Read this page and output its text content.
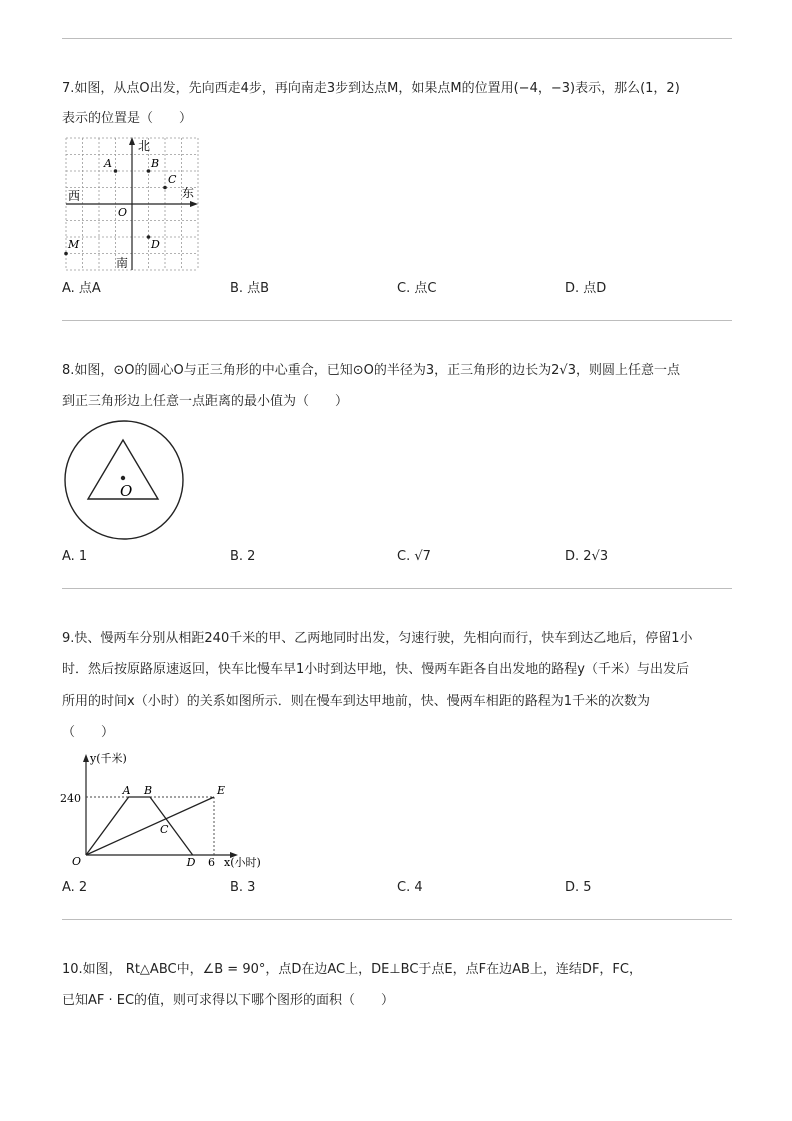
7.如图，从点O出发，先向西走4步，再向南走3步到达点M，如果点M的位置用(−4，−3)表示，那么(1，2)
表示的位置是（　　）
北
南
东
西
A	B
C
D
O
M
A. 点A	B. 点B	C. 点C	D. 点D
8.如图，⊙O的圆心O与正三角形的中心重合，已知⊙O的半径为3，正三角形的边长为2√3，则圆上任意一点
到正三角形边上任意一点距离的最小值为（　　）
O
A. 1	B. 2	C. √7	D. 2√3
9.快、慢两车分别从相距240千米的甲、乙两地同时出发，匀速行驶，先相向而行，快车到达乙地后，停留1小
时．然后按原路原速返回，快车比慢车早1小时到达甲地，快、慢两车距各自出发地的路程y（千米）与出发后
所用的时间x（小时）的关系如图所示．则在慢车到达甲地前，快、慢两车相距的路程为1千米的次数为
（　　）
y(千米)
x(小时)
240
O	6
A B
D
E
C
A. 2	B. 3	C. 4	D. 5
10.如图， Rt△ABC中，∠B = 90°，点D在边AC上，DE⊥BC于点E，点F在边AB上，连结DF，FC，
已知AF · EC的值，则可求得以下哪个图形的面积（　　）
